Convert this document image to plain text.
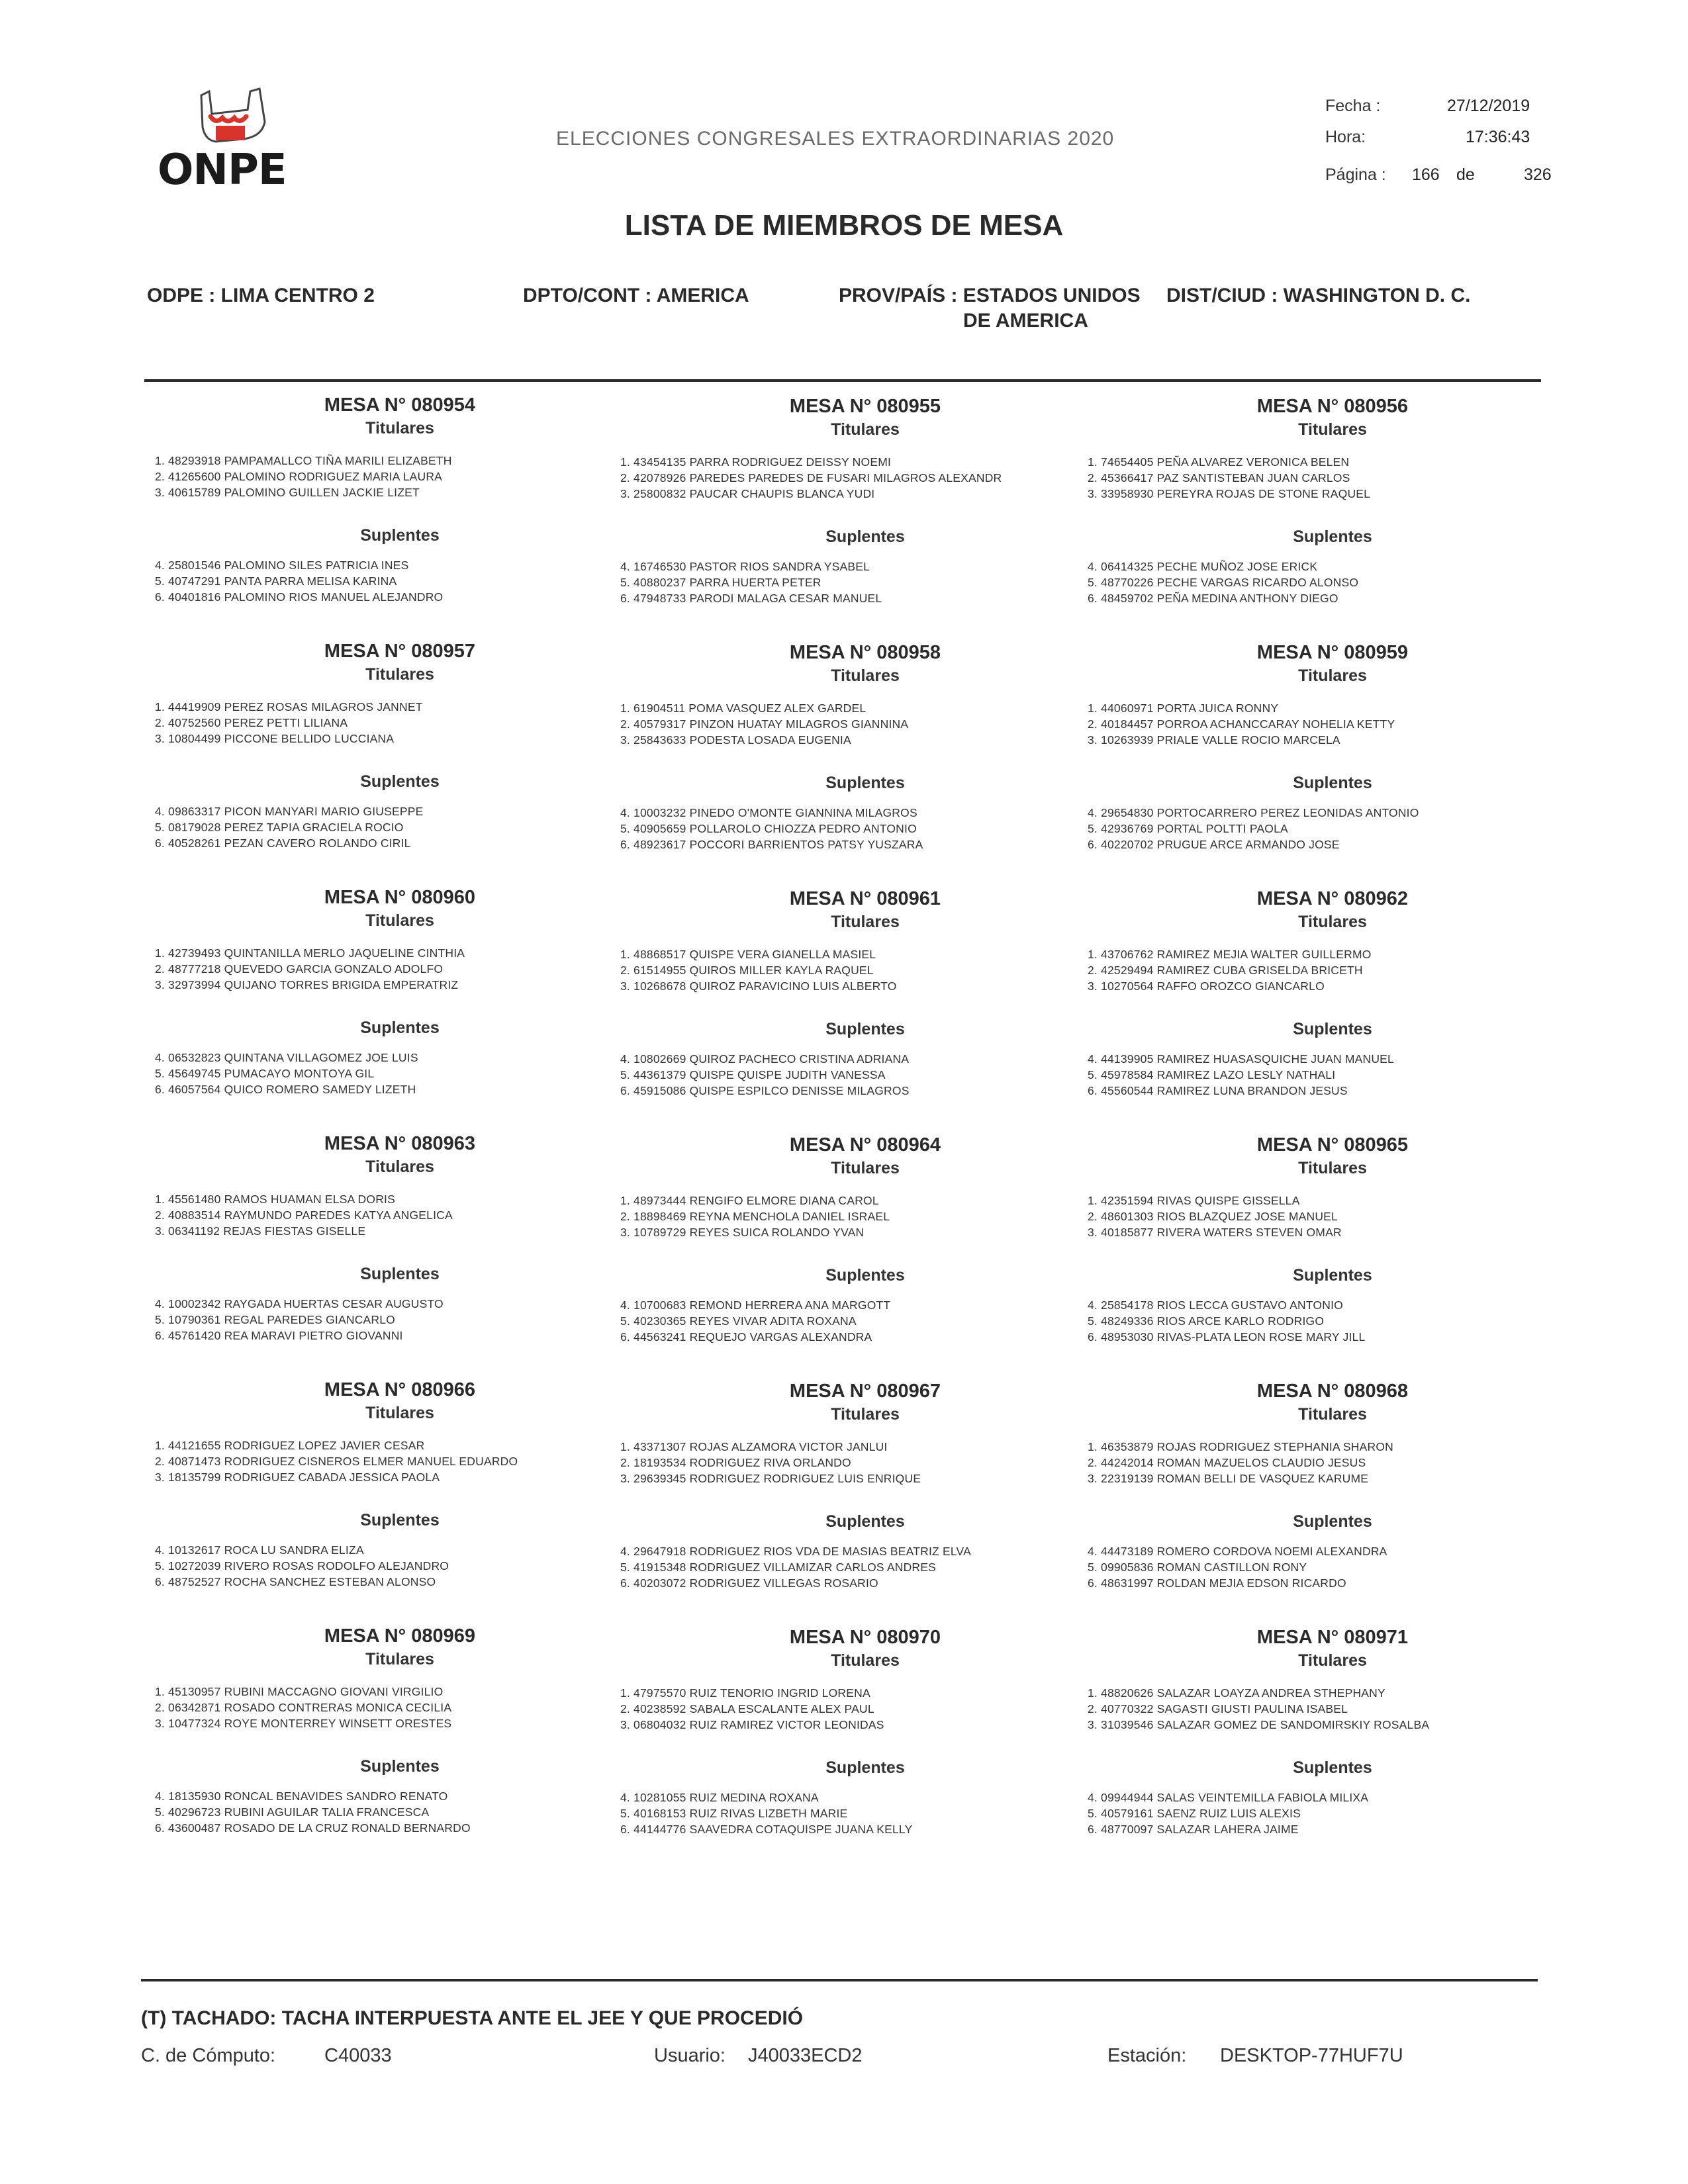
ONPE
ELECCIONES CONGRESALES EXTRAORDINARIAS 2020
Fecha :	27/12/2019
Hora:	17:36:43
Página : 166 de	326
LISTA DE MIEMBROS DE MESA
ODPE : LIMA CENTRO 2	DPTO/CONT : AMERICA	PROV/PAÍS : ESTADOS UNIDOS
DE AMERICA
DIST/CIUD : WASHINGTON D. C.
MESA N° 080954
Titulares
1. 48293918 PAMPAMALLCO TIÑA MARILI ELIZABETH
2. 41265600 PALOMINO RODRIGUEZ MARIA LAURA
3. 40615789 PALOMINO GUILLEN JACKIE LIZET
Suplentes
4. 25801546 PALOMINO SILES PATRICIA INES
5. 40747291 PANTA PARRA MELISA KARINA
6. 40401816 PALOMINO RIOS MANUEL ALEJANDRO
MESA N° 080955
Titulares
1. 43454135 PARRA RODRIGUEZ DEISSY NOEMI
2. 42078926 PAREDES PAREDES DE FUSARI MILAGROS ALEXANDR
3. 25800832 PAUCAR CHAUPIS BLANCA YUDI
Suplentes
4. 16746530 PASTOR RIOS SANDRA YSABEL
5. 40880237 PARRA HUERTA PETER
6. 47948733 PARODI MALAGA CESAR MANUEL
MESA N° 080956
Titulares
1. 74654405 PEÑA ALVAREZ VERONICA BELEN
2. 45366417 PAZ SANTISTEBAN JUAN CARLOS
3. 33958930 PEREYRA ROJAS DE STONE RAQUEL
Suplentes
4. 06414325 PECHE MUÑOZ JOSE ERICK
5. 48770226 PECHE VARGAS RICARDO ALONSO
6. 48459702 PEÑA MEDINA ANTHONY DIEGO
MESA N° 080957
Titulares
1. 44419909 PEREZ ROSAS MILAGROS JANNET
2. 40752560 PEREZ PETTI LILIANA
3. 10804499 PICCONE BELLIDO LUCCIANA
Suplentes
4. 09863317 PICON MANYARI MARIO GIUSEPPE
5. 08179028 PEREZ TAPIA GRACIELA ROCIO
6. 40528261 PEZAN CAVERO ROLANDO CIRIL
MESA N° 080958
Titulares
1. 61904511 POMA VASQUEZ ALEX GARDEL
2. 40579317 PINZON HUATAY MILAGROS GIANNINA
3. 25843633 PODESTA LOSADA EUGENIA
Suplentes
4. 10003232 PINEDO O'MONTE GIANNINA MILAGROS
5. 40905659 POLLAROLO CHIOZZA PEDRO ANTONIO
6. 48923617 POCCORI BARRIENTOS PATSY YUSZARA
MESA N° 080959
Titulares
1. 44060971 PORTA JUICA RONNY
2. 40184457 PORROA ACHANCCARAY NOHELIA KETTY
3. 10263939 PRIALE VALLE ROCIO MARCELA
Suplentes
4. 29654830 PORTOCARRERO PEREZ LEONIDAS ANTONIO
5. 42936769 PORTAL POLTTI PAOLA
6. 40220702 PRUGUE ARCE ARMANDO JOSE
MESA N° 080960
Titulares
1. 42739493 QUINTANILLA MERLO JAQUELINE CINTHIA
2. 48777218 QUEVEDO GARCIA GONZALO ADOLFO
3. 32973994 QUIJANO TORRES BRIGIDA EMPERATRIZ
Suplentes
4. 06532823 QUINTANA VILLAGOMEZ JOE LUIS
5. 45649745 PUMACAYO MONTOYA GIL
6. 46057564 QUICO ROMERO SAMEDY LIZETH
MESA N° 080961
Titulares
1. 48868517 QUISPE VERA GIANELLA MASIEL
2. 61514955 QUIROS MILLER KAYLA RAQUEL
3. 10268678 QUIROZ PARAVICINO LUIS ALBERTO
Suplentes
4. 10802669 QUIROZ PACHECO CRISTINA ADRIANA
5. 44361379 QUISPE QUISPE JUDITH VANESSA
6. 45915086 QUISPE ESPILCO DENISSE MILAGROS
MESA N° 080962
Titulares
1. 43706762 RAMIREZ MEJIA WALTER GUILLERMO
2. 42529494 RAMIREZ CUBA GRISELDA BRICETH
3. 10270564 RAFFO OROZCO GIANCARLO
Suplentes
4. 44139905 RAMIREZ HUASASQUICHE JUAN MANUEL
5. 45978584 RAMIREZ LAZO LESLY NATHALI
6. 45560544 RAMIREZ LUNA BRANDON JESUS
MESA N° 080963
Titulares
1. 45561480 RAMOS HUAMAN ELSA DORIS
2. 40883514 RAYMUNDO PAREDES KATYA ANGELICA
3. 06341192 REJAS FIESTAS GISELLE
Suplentes
4. 10002342 RAYGADA HUERTAS CESAR AUGUSTO
5. 10790361 REGAL PAREDES GIANCARLO
6. 45761420 REA MARAVI PIETRO GIOVANNI
MESA N° 080964
Titulares
1. 48973444 RENGIFO ELMORE DIANA CAROL
2. 18898469 REYNA MENCHOLA DANIEL ISRAEL
3. 10789729 REYES SUICA ROLANDO YVAN
Suplentes
4. 10700683 REMOND HERRERA ANA MARGOTT
5. 40230365 REYES VIVAR ADITA ROXANA
6. 44563241 REQUEJO VARGAS ALEXANDRA
MESA N° 080965
Titulares
1. 42351594 RIVAS QUISPE GISSELLA
2. 48601303 RIOS BLAZQUEZ JOSE MANUEL
3. 40185877 RIVERA WATERS STEVEN OMAR
Suplentes
4. 25854178 RIOS LECCA GUSTAVO ANTONIO
5. 48249336 RIOS ARCE KARLO RODRIGO
6. 48953030 RIVAS-PLATA LEON ROSE MARY JILL
MESA N° 080966
Titulares
1. 44121655 RODRIGUEZ LOPEZ JAVIER CESAR
2. 40871473 RODRIGUEZ CISNEROS ELMER MANUEL EDUARDO
3. 18135799 RODRIGUEZ CABADA JESSICA PAOLA
Suplentes
4. 10132617 ROCA LU SANDRA ELIZA
5. 10272039 RIVERO ROSAS RODOLFO ALEJANDRO
6. 48752527 ROCHA SANCHEZ ESTEBAN ALONSO
MESA N° 080967
Titulares
1. 43371307 ROJAS ALZAMORA VICTOR JANLUI
2. 18193534 RODRIGUEZ RIVA ORLANDO
3. 29639345 RODRIGUEZ RODRIGUEZ LUIS ENRIQUE
Suplentes
4. 29647918 RODRIGUEZ RIOS VDA DE MASIAS BEATRIZ ELVA
5. 41915348 RODRIGUEZ VILLAMIZAR CARLOS ANDRES
6. 40203072 RODRIGUEZ VILLEGAS ROSARIO
MESA N° 080968
Titulares
1. 46353879 ROJAS RODRIGUEZ STEPHANIA SHARON
2. 44242014 ROMAN MAZUELOS CLAUDIO JESUS
3. 22319139 ROMAN BELLI DE VASQUEZ KARUME
Suplentes
4. 44473189 ROMERO CORDOVA NOEMI ALEXANDRA
5. 09905836 ROMAN CASTILLON RONY
6. 48631997 ROLDAN MEJIA EDSON RICARDO
MESA N° 080969
Titulares
1. 45130957 RUBINI MACCAGNO GIOVANI VIRGILIO
2. 06342871 ROSADO CONTRERAS MONICA CECILIA
3. 10477324 ROYE MONTERREY WINSETT ORESTES
Suplentes
4. 18135930 RONCAL BENAVIDES SANDRO RENATO
5. 40296723 RUBINI AGUILAR TALIA FRANCESCA
6. 43600487 ROSADO DE LA CRUZ RONALD BERNARDO
MESA N° 080970
Titulares
1. 47975570 RUIZ TENORIO INGRID LORENA
2. 40238592 SABALA ESCALANTE ALEX PAUL
3. 06804032 RUIZ RAMIREZ VICTOR LEONIDAS
Suplentes
4. 10281055 RUIZ MEDINA ROXANA
5. 40168153 RUIZ RIVAS LIZBETH MARIE
6. 44144776 SAAVEDRA COTAQUISPE JUANA KELLY
MESA N° 080971
Titulares
1. 48820626 SALAZAR LOAYZA ANDREA STHEPHANY
2. 40770322 SAGASTI GIUSTI PAULINA ISABEL
3. 31039546 SALAZAR GOMEZ DE SANDOMIRSKIY ROSALBA
Suplentes
4. 09944944 SALAS VEINTEMILLA FABIOLA MILIXA
5. 40579161 SAENZ RUIZ LUIS ALEXIS
6. 48770097 SALAZAR LAHERA JAIME
(T) TACHADO: TACHA INTERPUESTA ANTE EL JEE Y QUE PROCEDIÓ
C. de Cómputo:	C40033	Usuario: J40033ECD2	Estación: DESKTOP-77HUF7U
